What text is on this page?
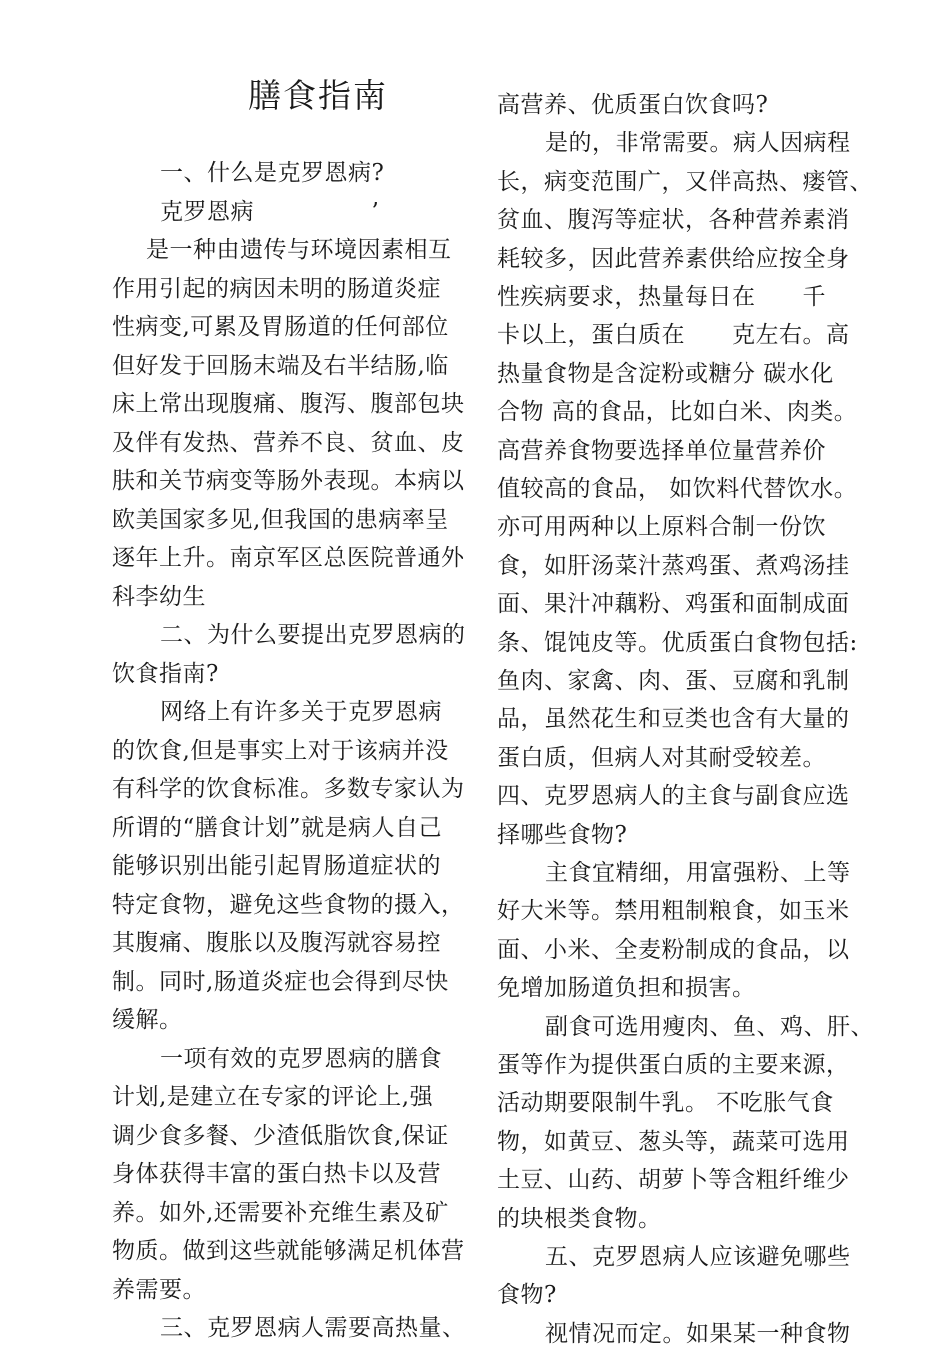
膳食指南
一、什么是克罗恩病?
克罗恩病　　　　　’
是一种由遗传与环境因素相互
作用引起的病因未明的肠道炎症
性病变,可累及胃肠道的任何部位
但好发于回肠末端及右半结肠,临
床上常出现腹痛、腹泻、腹部包块
及伴有发热、营养不良、贫血、皮
肤和关节病变等肠外表现。本病以
欧美国家多见,但我国的患病率呈
逐年上升。南京军区总医院普通外
科李幼生
二、为什么要提出克罗恩病的
饮食指南?
网络上有许多关于克罗恩病
的饮食,但是事实上对于该病并没
有科学的饮食标准。多数专家认为
所谓的“膳食计划”就是病人自己
能够识别出能引起胃肠道症状的
特定食物，避免这些食物的摄入，
其腹痛、腹胀以及腹泻就容易控
制。同时,肠道炎症也会得到尽快
缓解。
一项有效的克罗恩病的膳食
计划,是建立在专家的评论上,强
调少食多餐、少渣低脂饮食,保证
身体获得丰富的蛋白热卡以及营
养。如外,还需要补充维生素及矿
物质。做到这些就能够满足机体营
养需要。
三、克罗恩病人需要高热量、
高营养、优质蛋白饮食吗?
是的，非常需要。病人因病程
长，病变范围广，又伴高热、瘘管、
贫血、腹泻等症状，各种营养素消
耗较多，因此营养素供给应按全身
性疾病要求，热量每日在　　千
卡以上，蛋白质在　　克左右。高
热量食物是含淀粉或糖分 碳水化
合物 高的食品，比如白米、肉类。
高营养食物要选择单位量营养价
值较高的食品， 如饮料代替饮水。
亦可用两种以上原料合制一份饮
食，如肝汤菜汁蒸鸡蛋、煮鸡汤挂
面、果汁冲藕粉、鸡蛋和面制成面
条、馄饨皮等。优质蛋白食物包括:
鱼肉、家禽、肉、蛋、豆腐和乳制
品，虽然花生和豆类也含有大量的
蛋白质，但病人对其耐受较差。
四、克罗恩病人的主食与副食应选
择哪些食物?
主食宜精细，用富强粉、上等
好大米等。禁用粗制粮食，如玉米
面、小米、全麦粉制成的食品，以
免增加肠道负担和损害。
副食可选用瘦肉、鱼、鸡、肝、
蛋等作为提供蛋白质的主要来源，
活动期要限制牛乳。 不吃胀气食
物，如黄豆、葱头等，蔬菜可选用
土豆、山药、胡萝卜等含粗纤维少
的块根类食物。
五、克罗恩病人应该避免哪些
食物?
视情况而定。如果某一种食物
